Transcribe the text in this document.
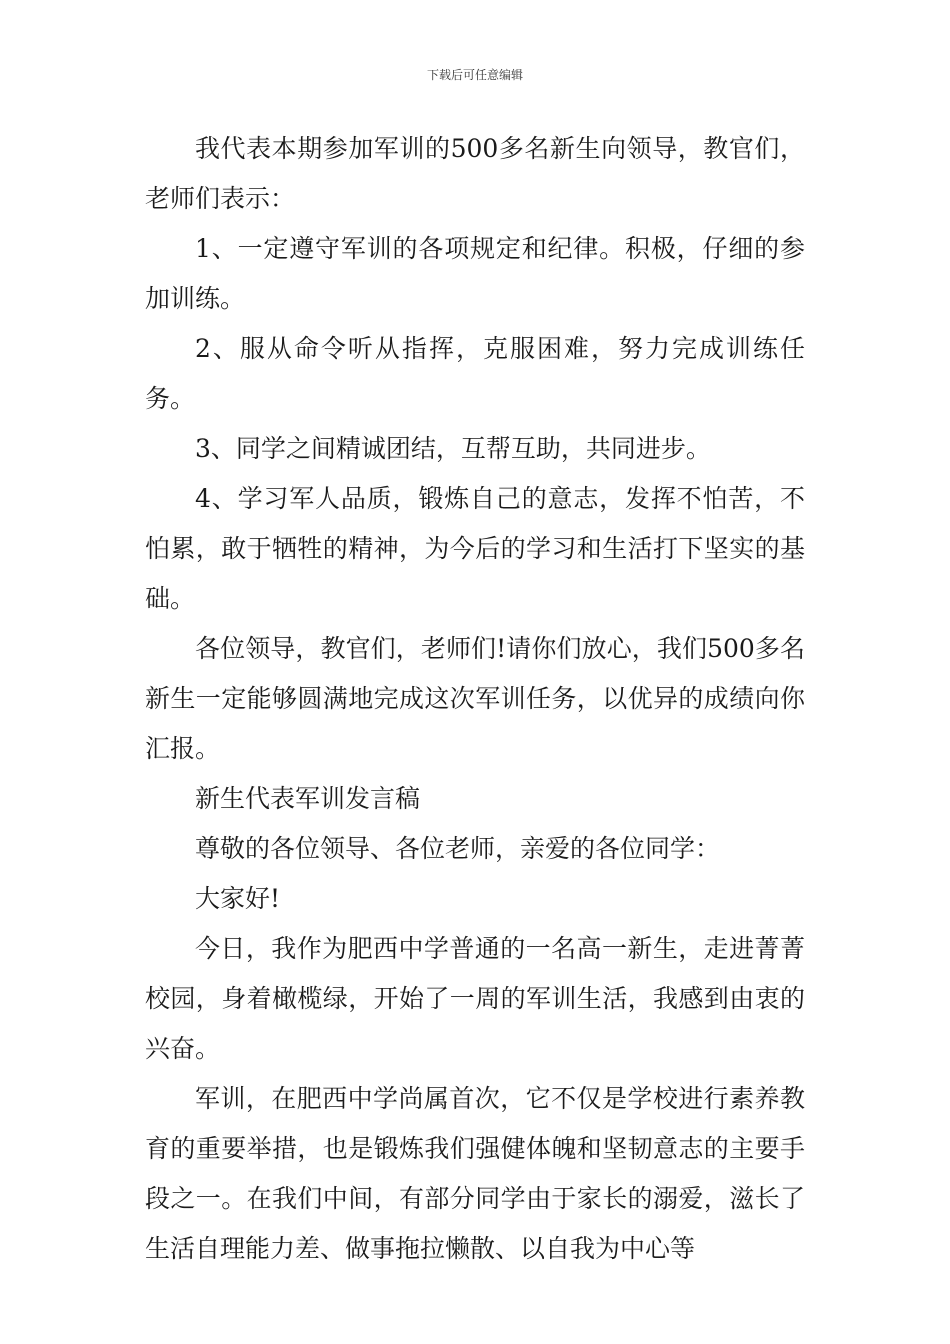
下载后可任意编辑

我代表本期参加军训的500多名新生向领导，教官们，老师们表示：

1、一定遵守军训的各项规定和纪律。积极，仔细的参加训练。

2、服从命令听从指挥，克服困难，努力完成训练任务。

3、同学之间精诚团结，互帮互助，共同进步。

4、学习军人品质，锻炼自己的意志，发挥不怕苦，不怕累，敢于牺牲的精神，为今后的学习和生活打下坚实的基础。

各位领导，教官们，老师们!请你们放心，我们500多名新生一定能够圆满地完成这次军训任务，以优异的成绩向你汇报。

新生代表军训发言稿

尊敬的各位领导、各位老师，亲爱的各位同学：

大家好!

今日，我作为肥西中学普通的一名高一新生，走进菁菁校园，身着橄榄绿，开始了一周的军训生活，我感到由衷的兴奋。

军训，在肥西中学尚属首次，它不仅是学校进行素养教育的重要举措，也是锻炼我们强健体魄和坚韧意志的主要手段之一。在我们中间，有部分同学由于家长的溺爱，滋长了生活自理能力差、做事拖拉懒散、以自我为中心等
